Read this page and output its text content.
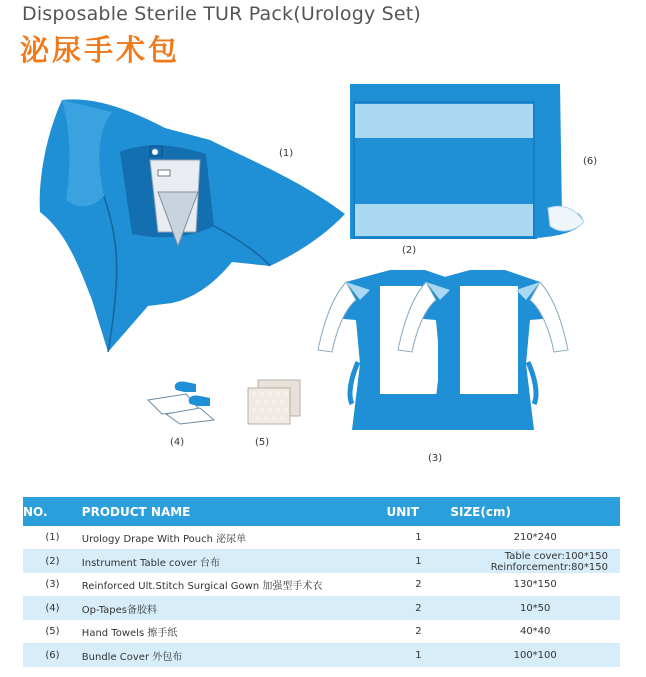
Disposable Sterile TUR Pack(Urology Set)
泌尿手术包
(1)
(6)
(2)
(4)	(5)
(3)
NO.	PRODUCT NAME	UNIT	SIZE(cm)
(1)	Urology Drape With Pouch 泌尿单	1	210*240
(2)	Instrument Table cover 台布	1	Table cover:100*150
Reinforcementr:80*150

(3)	Reinforced Ult.Stitch Surgical Gown 加强型手术衣	2	130*150
(4)	Op-Tapes备胶料	2	10*50
(5)	Hand Towels 擦手纸	2	40*40
(6)	Bundle Cover 外包布	1	100*100
